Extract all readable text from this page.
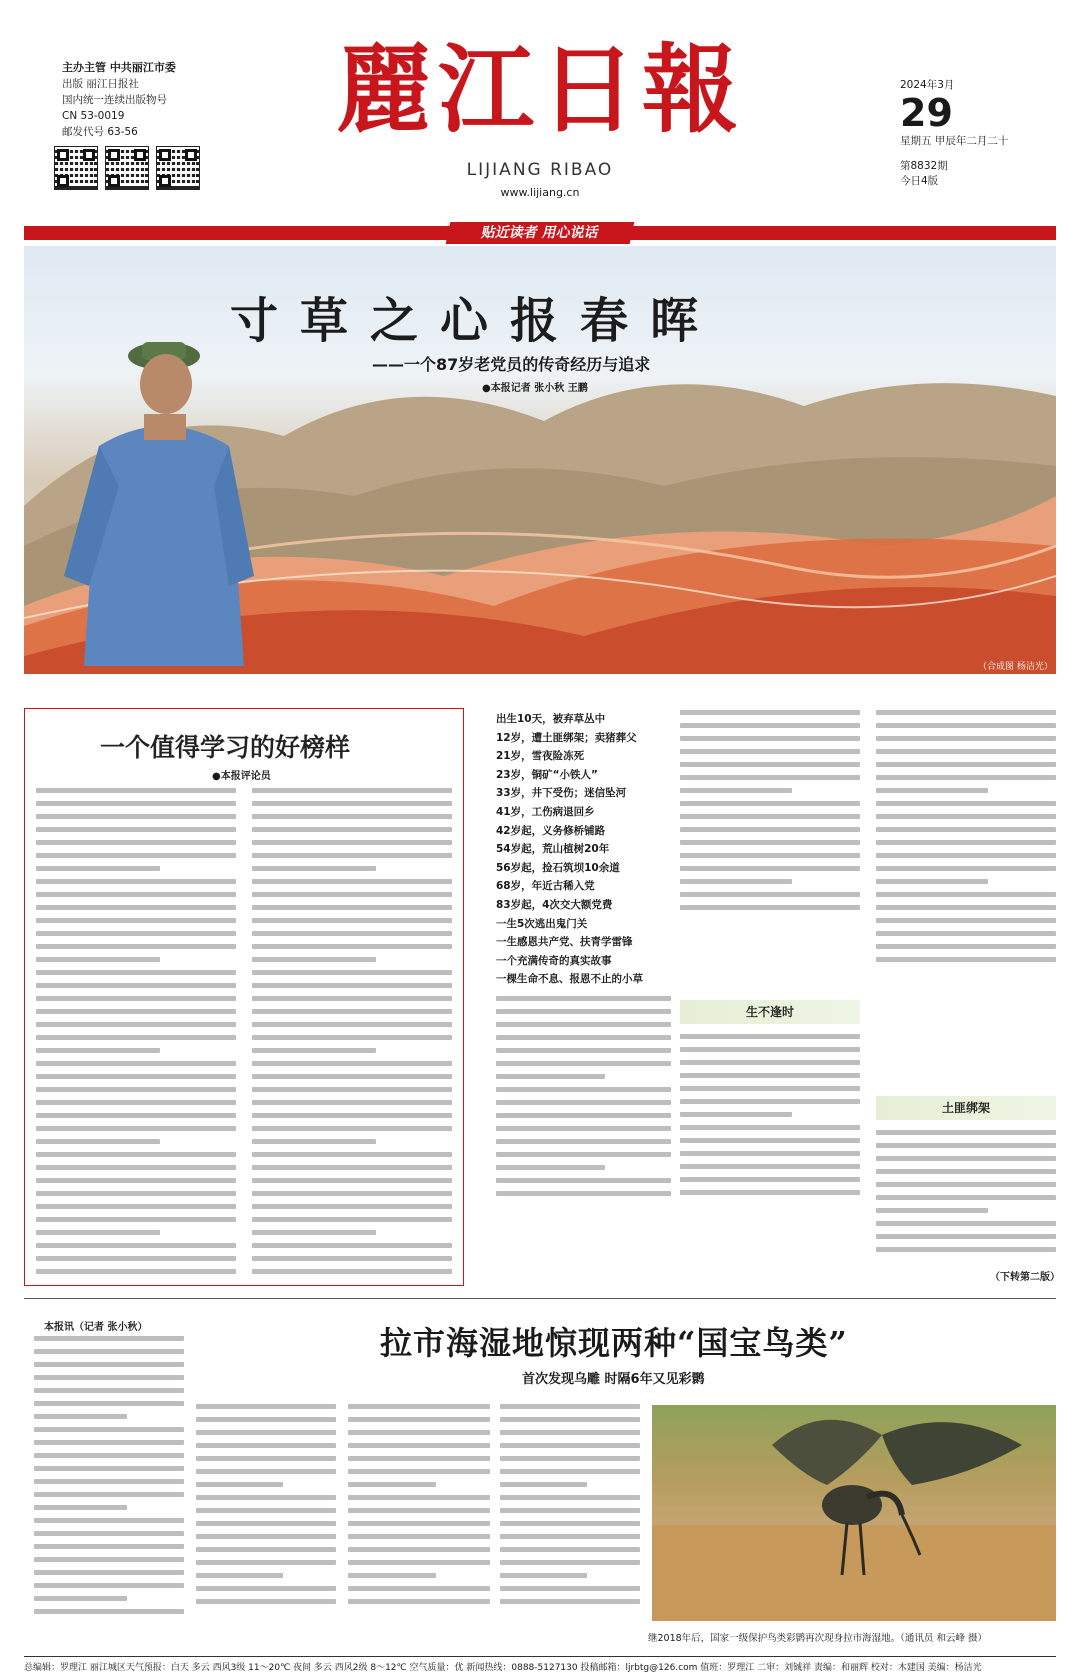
主办主管 中共丽江市委
出版 丽江日报社
国内统一连续出版物号
CN 53-0019
邮发代号 63-56	麗江日報
LIJIANG RIBAO
www.lijiang.cn
2024年3月
29
星期五 甲辰年二月二十
第8832期
今日4版
贴近读者 用心说话
寸草之心报春晖
——一个87岁老党员的传奇经历与追求
●本报记者 张小秋 王鹏
（合成图 杨洁光）
一个值得学习的好榜样
●本报评论员
出生10天，被弃草丛中
12岁，遭土匪绑架；卖猪葬父
21岁，雪夜险冻死
23岁，铜矿“小铁人”
33岁，井下受伤；迷信坠河
41岁，工伤病退回乡
42岁起，义务修桥铺路
54岁起，荒山植树20年
56岁起，捡石筑坝10余道
68岁，年近古稀入党
83岁起，4次交大额党费
一生5次逃出鬼门关
一生感恩共产党、扶青学雷锋
一个充满传奇的真实故事
一棵生命不息、报恩不止的小草
生不逢时
土匪绑架
（下转第二版）
拉市海湿地惊现两种“国宝鸟类”
首次发现乌雕 时隔6年又见彩鹮
本报讯（记者 张小秋）
继2018年后，国家一级保护鸟类彩鹮再次现身拉市海湿地。（通讯员 和云峰 摄）
总编辑：罗理江 丽江城区天气预报：白天 多云 西风3级 11～20℃ 夜间 多云 西风2级 8～12℃ 空气质量：优 新闻热线：0888-5127130 投稿邮箱：ljrbtg@126.com 值班：罗理江 二审：刘铖祥 责编：和丽辉 校对：木建国 美编：杨洁光
